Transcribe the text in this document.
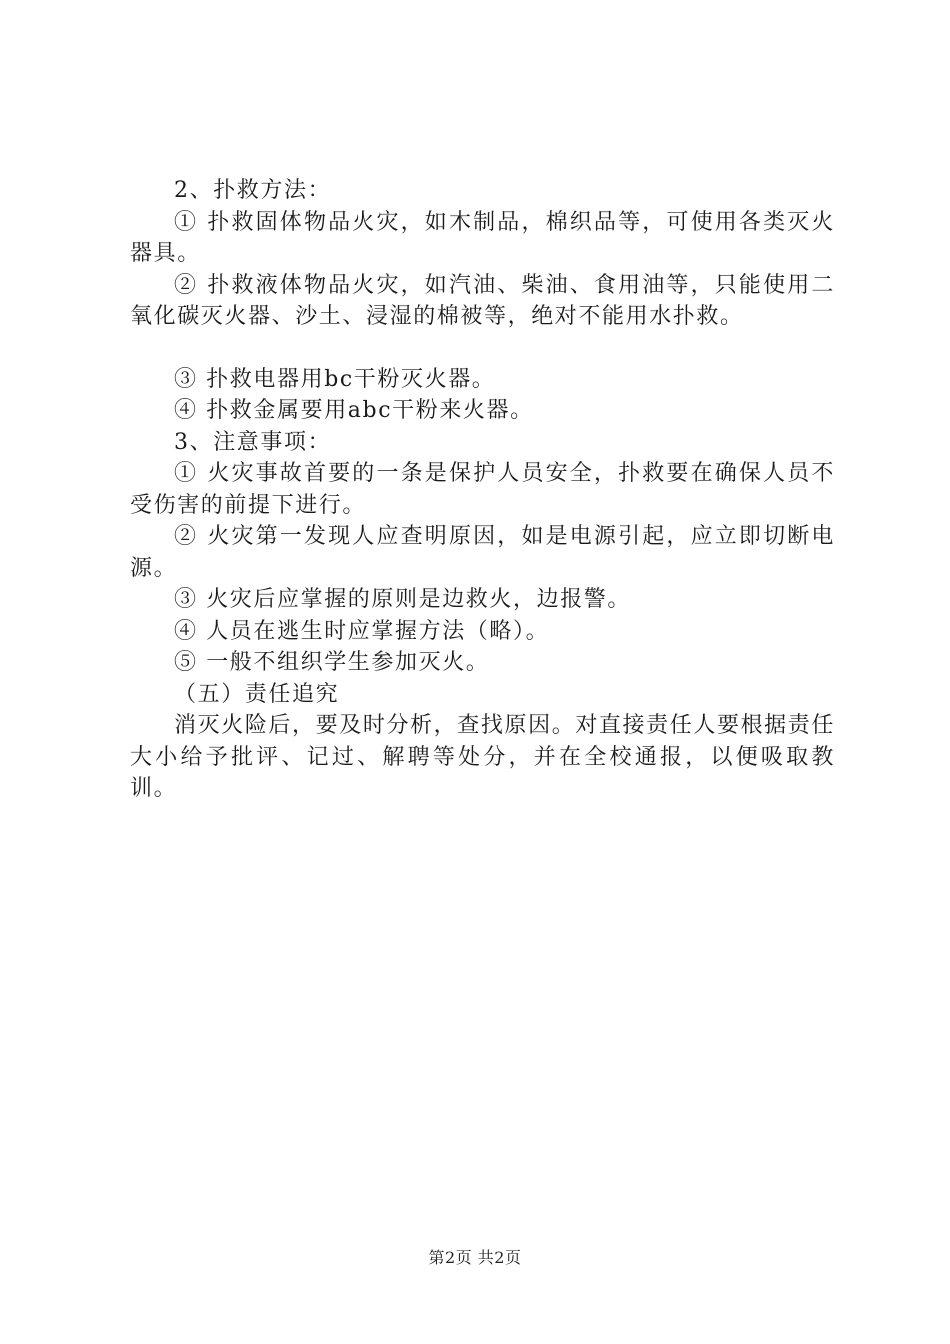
2、扑救方法：

① 扑救固体物品火灾，如木制品，棉织品等，可使用各类灭火器具。

② 扑救液体物品火灾，如汽油、柴油、食用油等，只能使用二氧化碳灭火器、沙土、浸湿的棉被等，绝对不能用水扑救。

③ 扑救电器用bc干粉灭火器。

④ 扑救金属要用abc干粉来火器。

3、注意事项：

① 火灾事故首要的一条是保护人员安全，扑救要在确保人员不受伤害的前提下进行。

② 火灾第一发现人应查明原因，如是电源引起，应立即切断电源。

③ 火灾后应掌握的原则是边救火，边报警。

④ 人员在逃生时应掌握方法（略）。

⑤ 一般不组织学生参加灭火。

（五）责任追究

消灭火险后，要及时分析，查找原因。对直接责任人要根据责任大小给予批评、记过、解聘等处分，并在全校通报，以便吸取教训。

第2页 共2页
